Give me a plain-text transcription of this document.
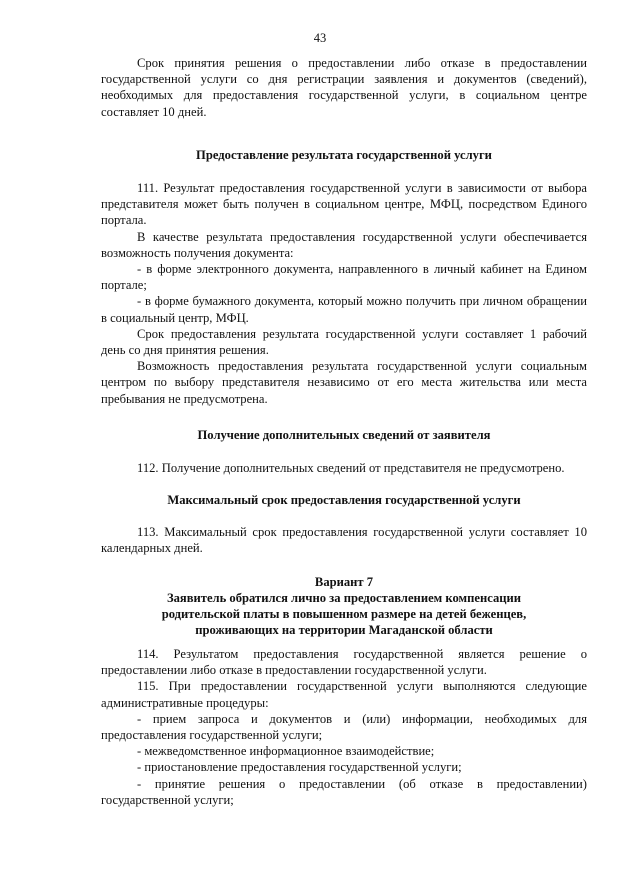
43

Срок принятия решения о предоставлении либо отказе в предоставлении государственной услуги со дня регистрации заявления и документов (сведений), необходимых для предоставления государственной услуги, в социальном центре составляет 10 дней.

Предоставление результата государственной услуги

111. Результат предоставления государственной услуги в зависимости от выбора представителя может быть получен в социальном центре, МФЦ, посредством Единого портала.

В качестве результата предоставления государственной услуги обеспечивается возможность получения документа:

- в форме электронного документа, направленного в личный кабинет на Едином портале;

- в форме бумажного документа, который можно получить при личном обращении в социальный центр, МФЦ.

Срок предоставления результата государственной услуги составляет 1 рабочий день со дня принятия решения.

Возможность предоставления результата государственной услуги социальным центром по выбору представителя независимо от его места жительства или места пребывания не предусмотрена.

Получение дополнительных сведений от заявителя

112. Получение дополнительных сведений от представителя не предусмотрено.

Максимальный срок предоставления государственной услуги

113. Максимальный срок предоставления государственной услуги составляет 10 календарных дней.

Вариант 7

Заявитель обратился лично за предоставлением компенсации родительской платы в повышенном размере на детей беженцев, проживающих на территории Магаданской области

114. Результатом предоставления государственной является решение о предоставлении либо отказе в предоставлении государственной услуги.

115. При предоставлении государственной услуги выполняются следующие административные процедуры:

- прием запроса и документов и (или) информации, необходимых для предоставления государственной услуги;

- межведомственное информационное взаимодействие;

- приостановление предоставления государственной услуги;

- принятие решения о предоставлении (об отказе в предоставлении) государственной услуги;
